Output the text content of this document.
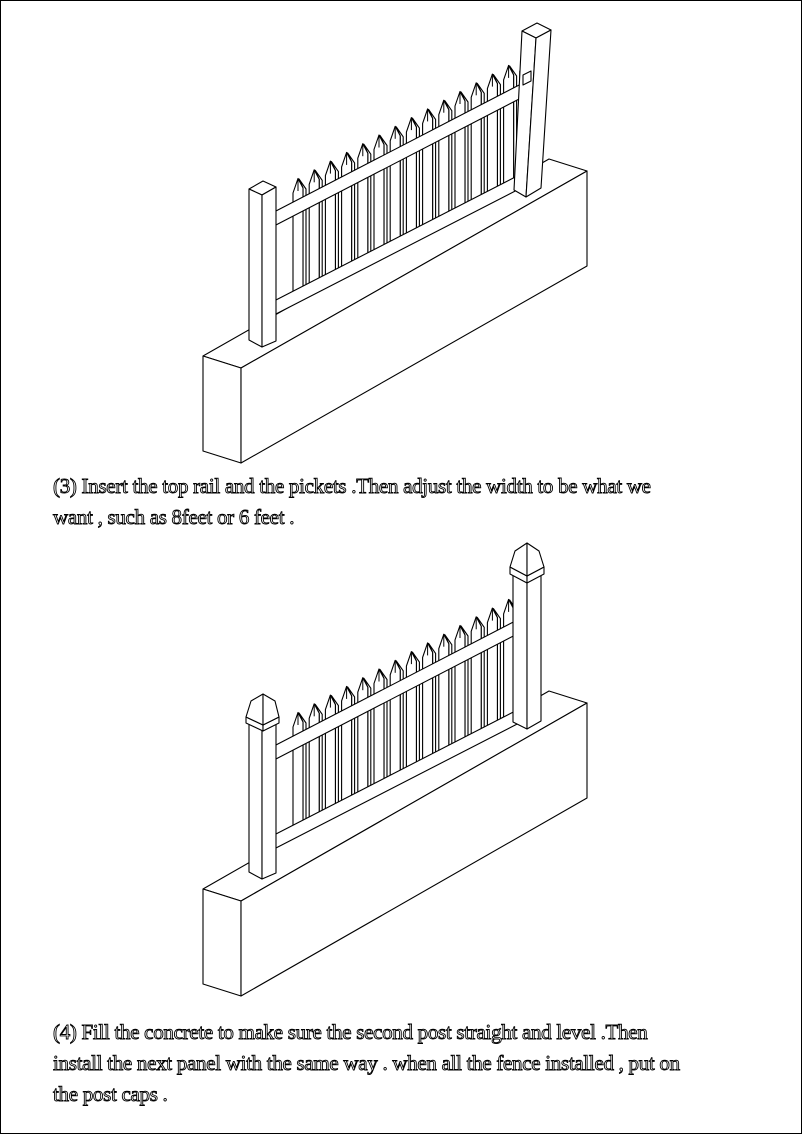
(3) Insert the top rail and the pickets .Then adjust the width to be what we

want , such as 8feet or 6 feet .

(4) Fill the concrete to make sure the second post straight and level .Then

install the next panel with the same way . when all the fence installed , put on

the post caps .
